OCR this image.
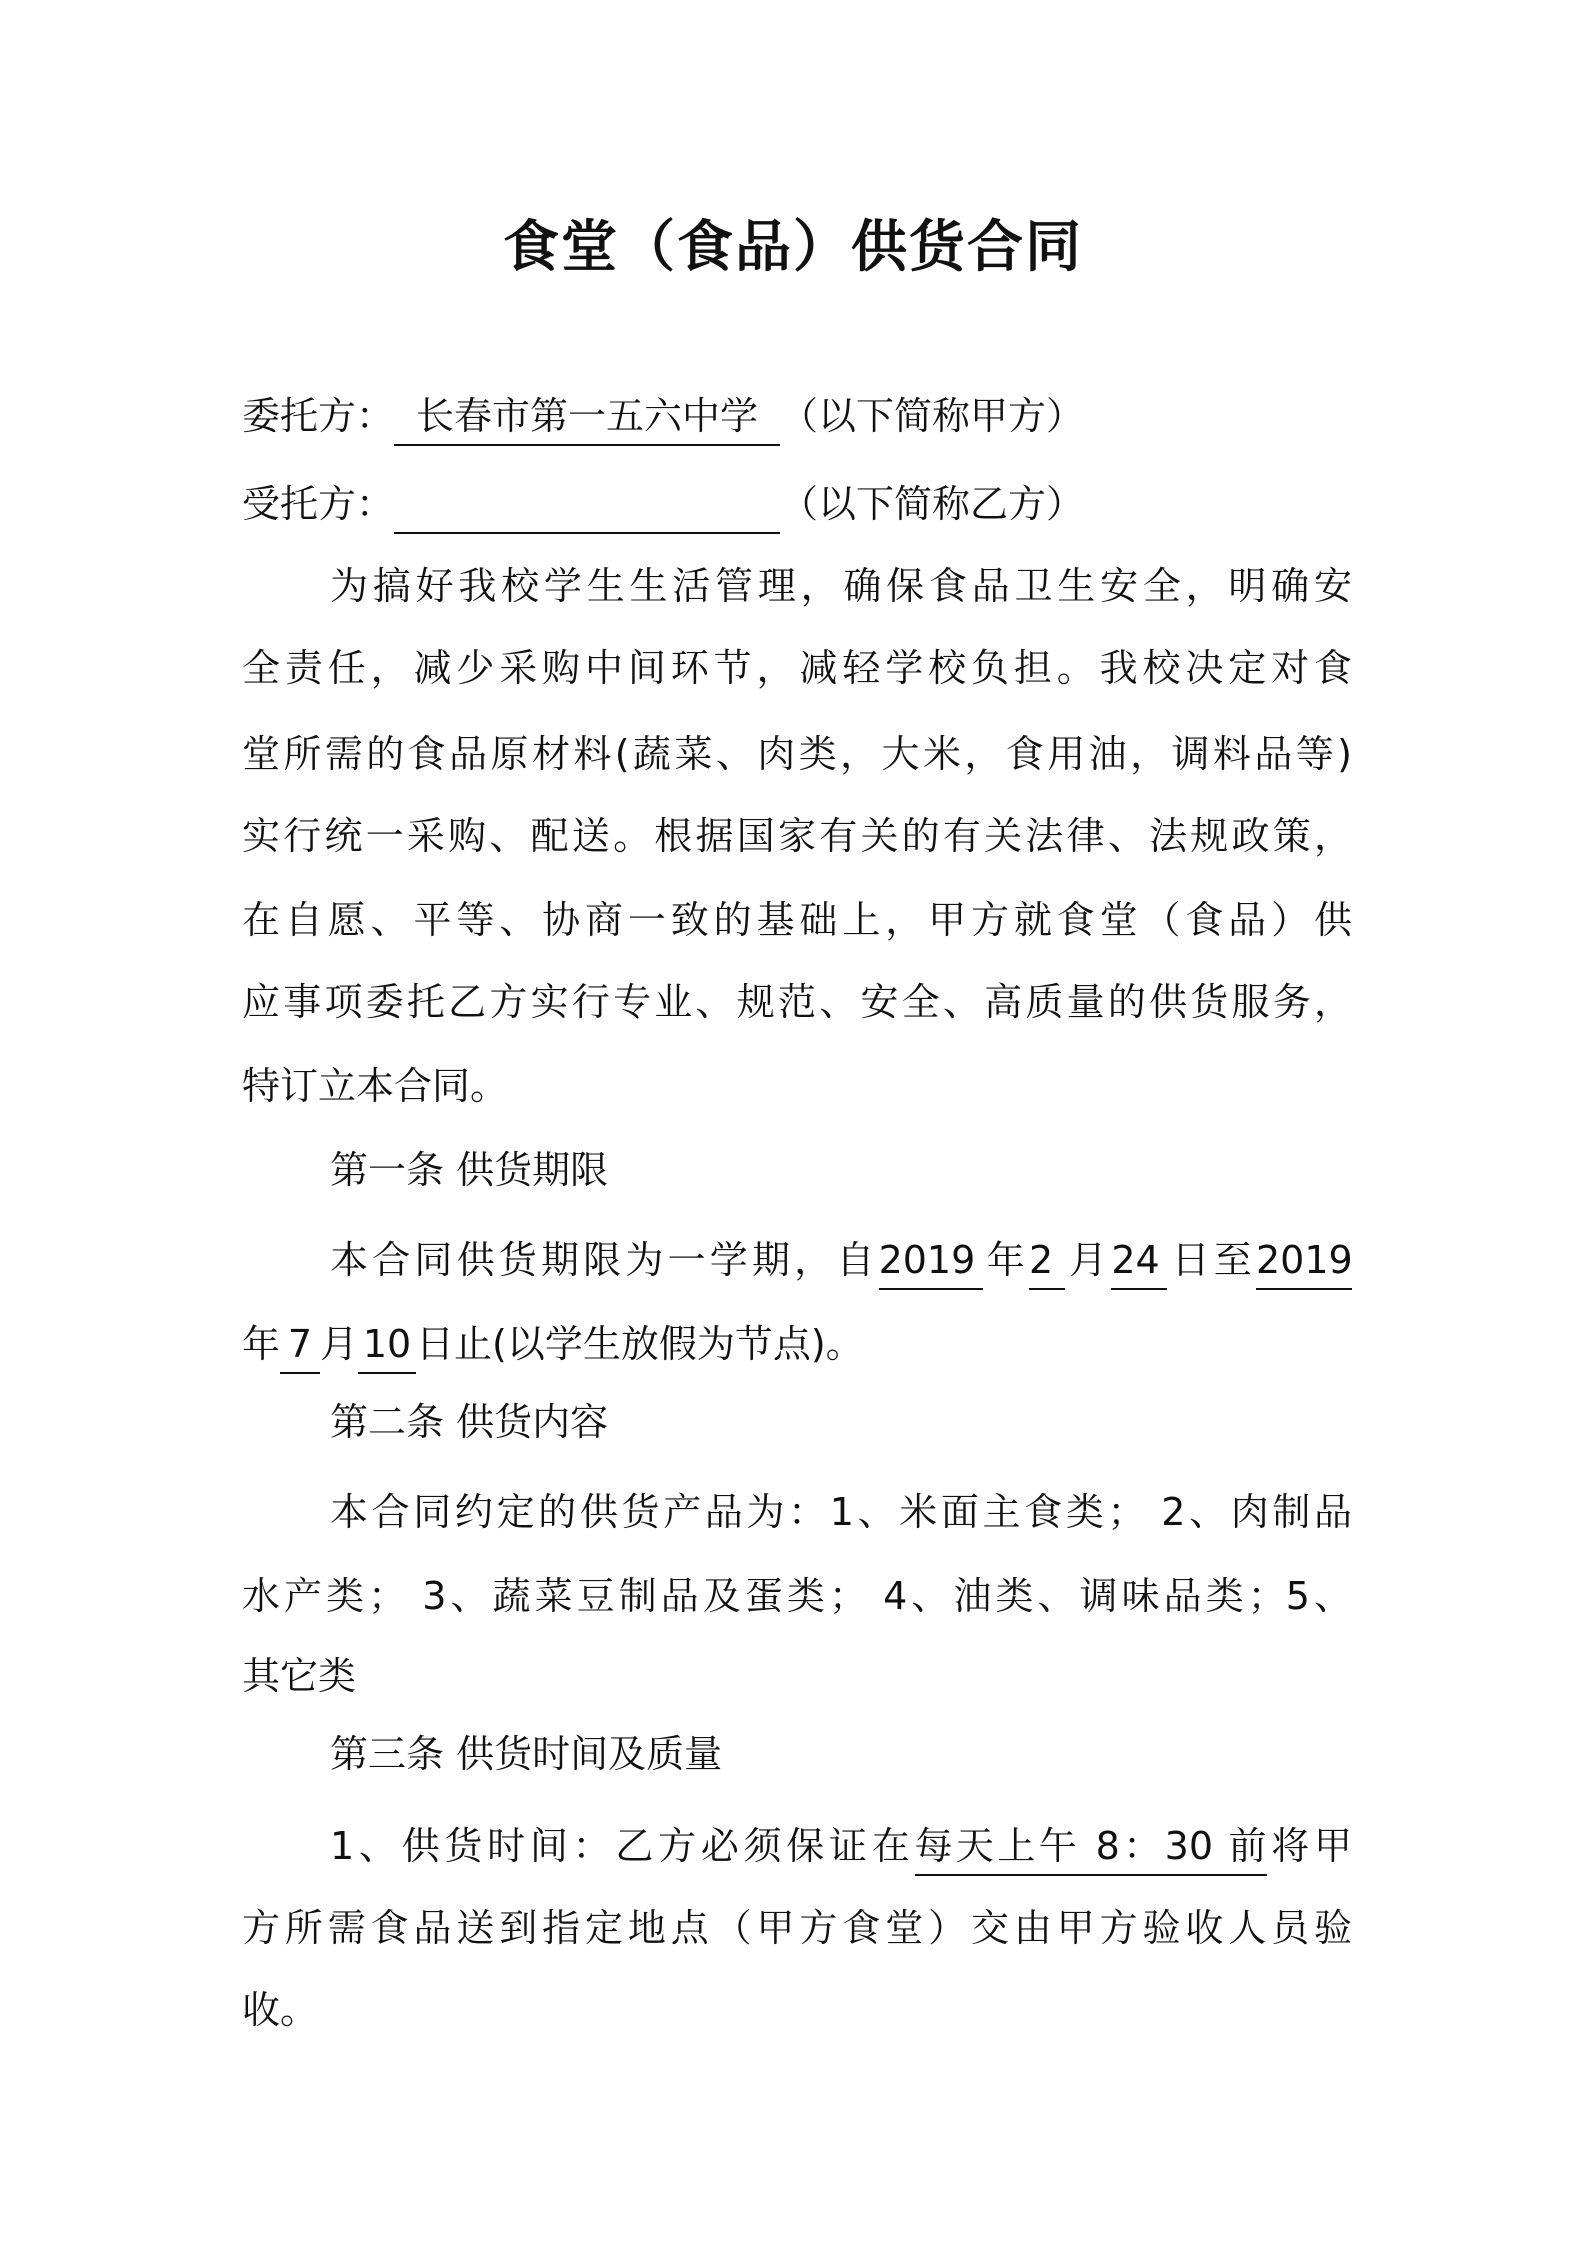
食堂（食品）供货合同
委托方： 长春市第一五六中学 （以下简称甲方）
受托方：	（以下简称乙方）
为搞好我校学生生活管理，确保食品卫生安全，明确安
全责任，减少采购中间环节，减轻学校负担。我校决定对食
堂所需的食品原材料(蔬菜、肉类，大米，食用油，调料品等)
实行统一采购、配送。根据国家有关的有关法律、法规政策，
在自愿、平等、协商一致的基础上，甲方就食堂（食品）供
应事项委托乙方实行专业、规范、安全、高质量的供货服务，
特订立本合同。
第一条 供货期限
本合同供货期限为一学期，自2019 年2 月24 日至2019
年 7 月 10 日止(以学生放假为节点)。
第二条 供货内容
本合同约定的供货产品为：1、米面主食类； 2、肉制品
水产类； 3、蔬菜豆制品及蛋类； 4、油类、调味品类；5、
其它类
第三条 供货时间及质量
1、供货时间：乙方必须保证在每天上午 8：30 前将甲
方所需食品送到指定地点（甲方食堂）交由甲方验收人员验
收。
